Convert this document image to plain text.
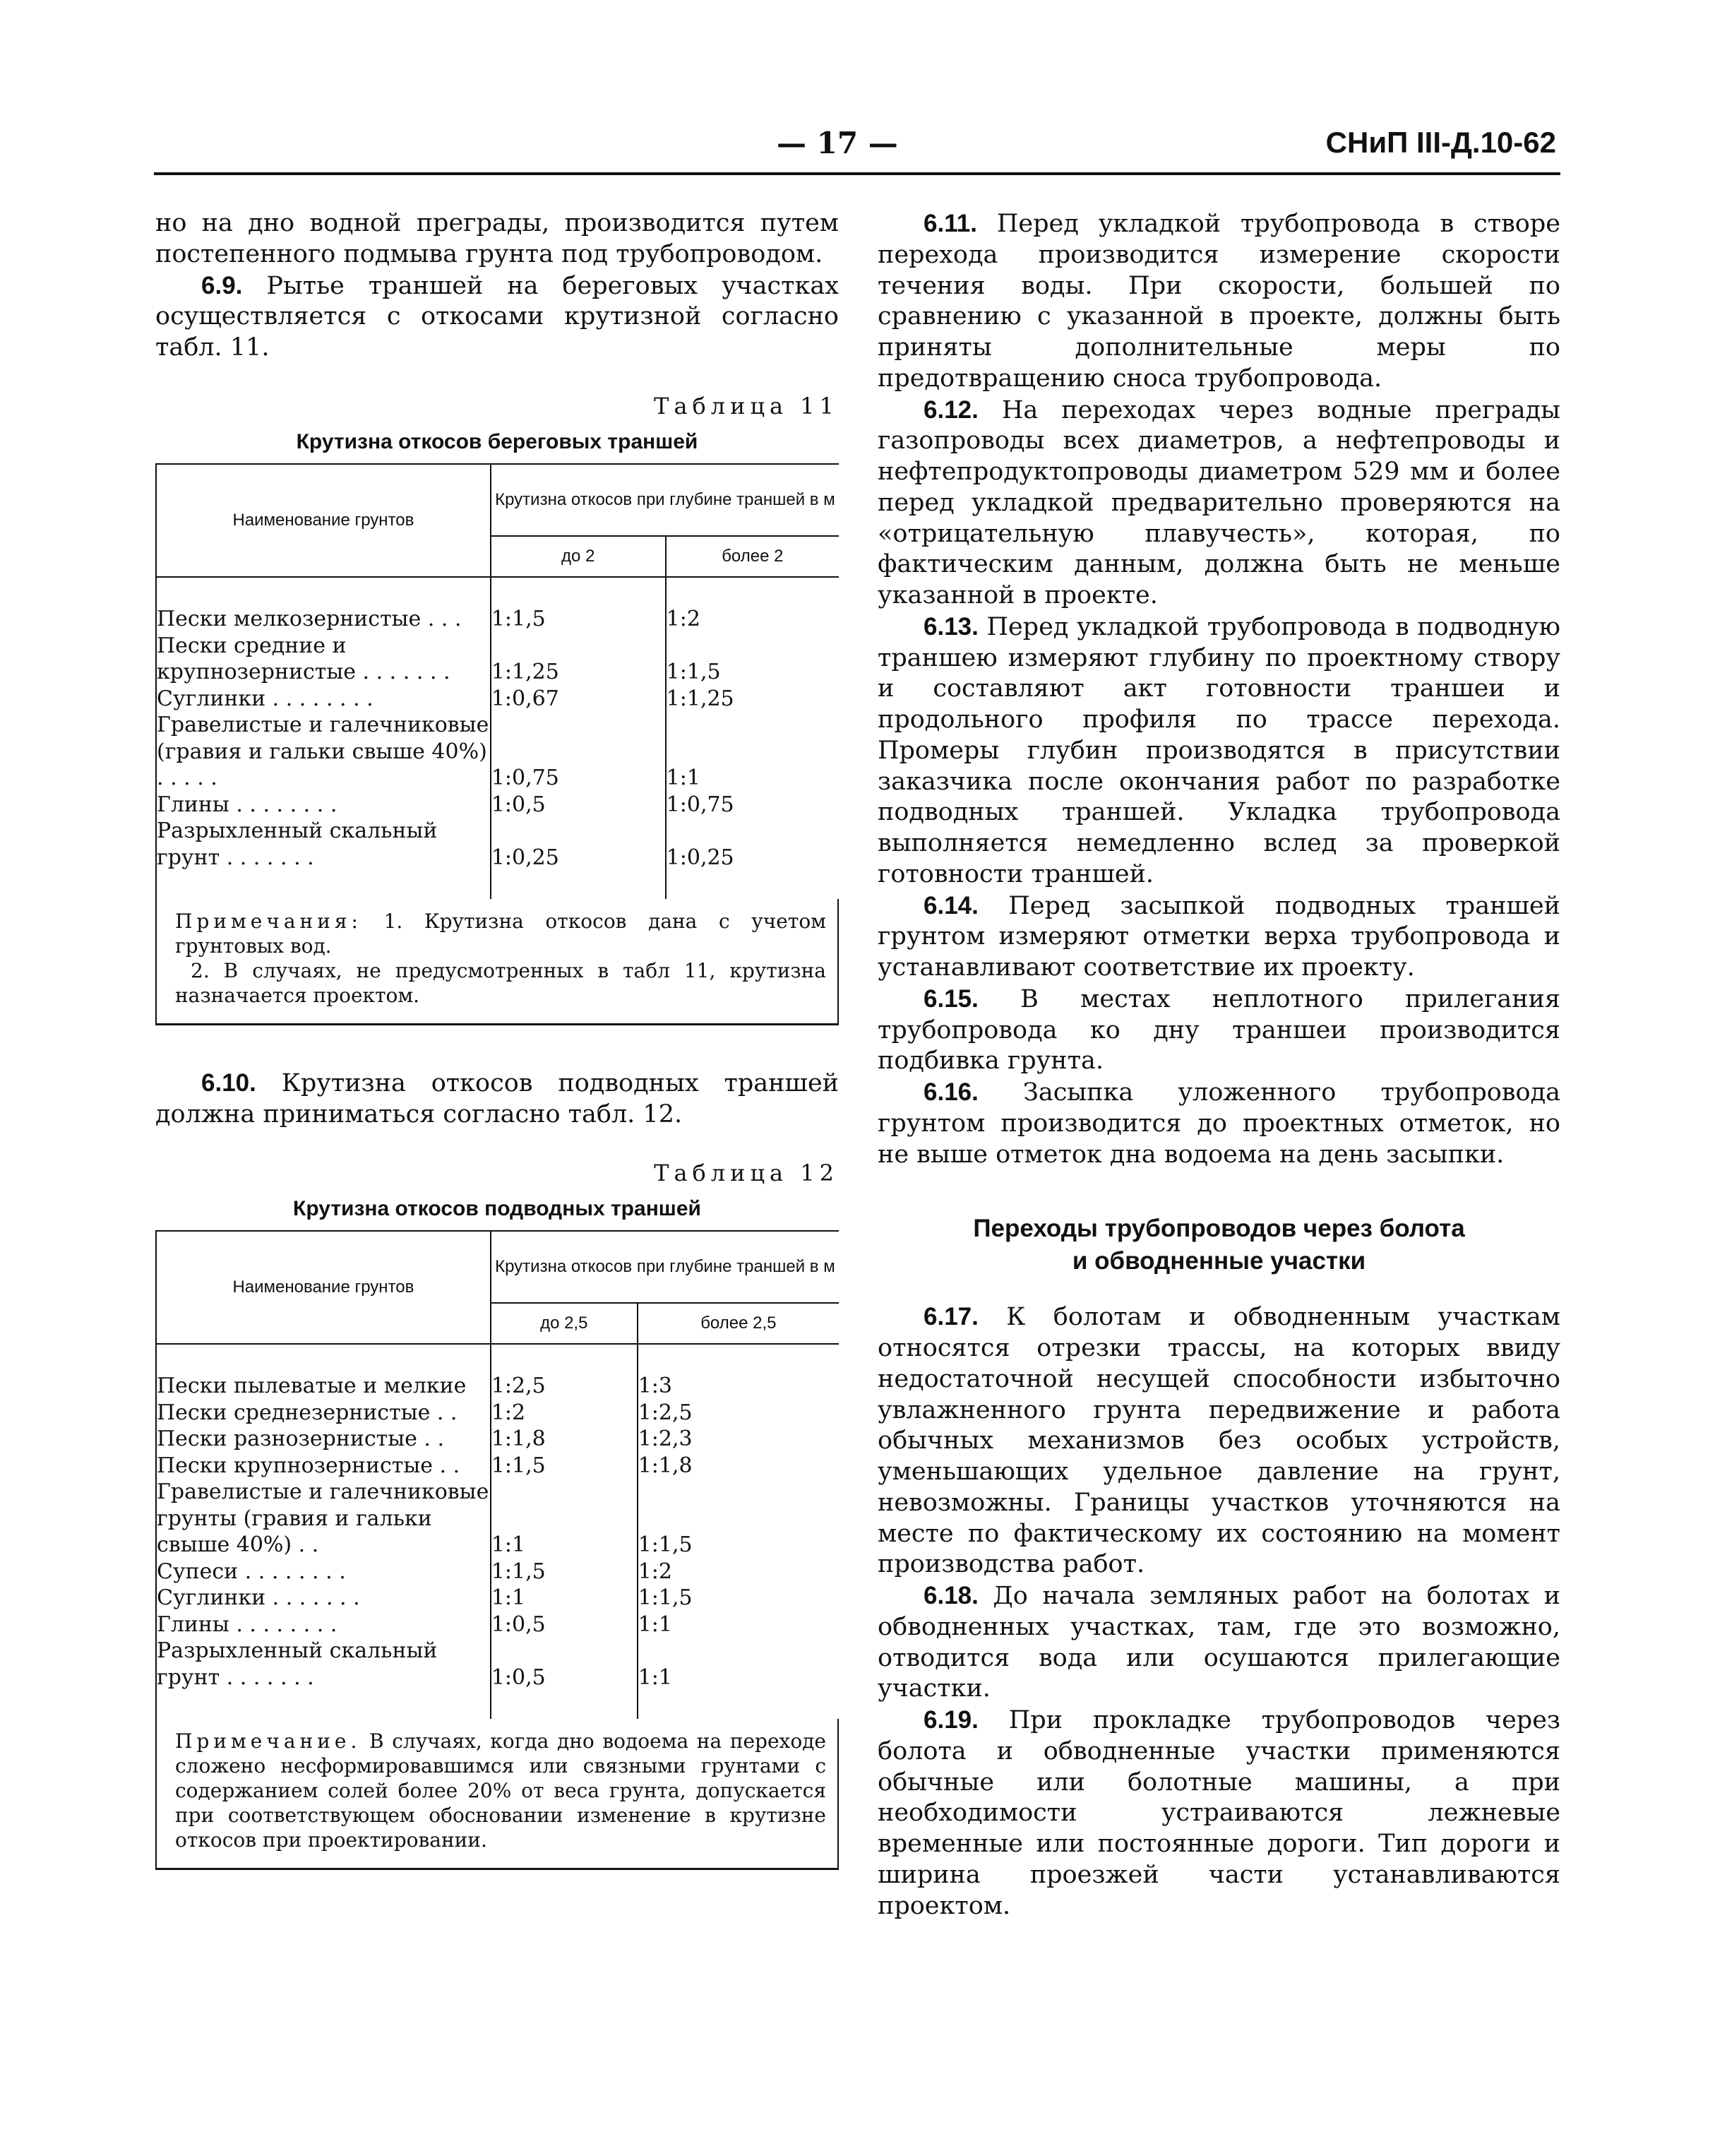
— 17 —	СНиП III-Д.10-62

но на дно водной преграды, производится путем постепенного подмыва грунта под трубопроводом.

6.9. Рытье траншей на береговых участках осуществляется с откосами крутизной согласно табл. 11.

Таблица 11
Крутизна откосов береговых траншей
Наименование грунтов	Крутизна откосов при глубине траншей в м	
	до 2	более 2

Пески мелкозернистые . . .	1:1,5	1:2
Пески средние и крупнозернистые . . . . . . .	1:1,25	1:1,5
Суглинки . . . . . . . .	1:0,67	1:1,25
Гравелистые и галечниковые (гравия и гальки свыше 40%) . . . . .	1:0,75	1:1
Глины . . . . . . . .	1:0,5	1:0,75
Разрыхленный скальный грунт . . . . . . .	1:0,25	1:0,25

Примечания: 1. Крутизна откосов дана с учетом грунтовых вод.
2. В случаях, не предусмотренных в табл 11, крутизна назначается проектом.

6.10. Крутизна откосов подводных траншей должна приниматься согласно табл. 12.

Таблица 12
Крутизна откосов подводных траншей
Наименование грунтов	Крутизна откосов при глубине траншей в м	
	до 2,5	более 2,5

Пески пылеватые и мелкие	1:2,5	1:3
Пески среднезернистые . .	1:2	1:2,5
Пески разнозернистые . .	1:1,8	1:2,3
Пески крупнозернистые . .	1:1,5	1:1,8
Гравелистые и галечниковые грунты (гравия и гальки свыше 40%) . .	1:1	1:1,5
Супеси . . . . . . . .	1:1,5	1:2
Суглинки . . . . . . .	1:1	1:1,5
Глины . . . . . . . .	1:0,5	1:1
Разрыхленный скальный грунт . . . . . . .	1:0,5	1:1

Примечание. В случаях, когда дно водоема на переходе сложено несформировавшимся или связными грунтами с содержанием солей более 20% от веса грунта, допускается при соответствующем обосновании изменение в крутизне откосов при проектировании.

6.11. Перед укладкой трубопровода в створе перехода производится измерение скорости течения воды. При скорости, большей по сравнению с указанной в проекте, должны быть приняты дополнительные меры по предотвращению сноса трубопровода.

6.12. На переходах через водные преграды газопроводы всех диаметров, а нефтепроводы и нефтепродуктопроводы диаметром 529 мм и более перед укладкой предварительно проверяются на «отрицательную плавучесть», которая, по фактическим данным, должна быть не меньше указанной в проекте.

6.13. Перед укладкой трубопровода в подводную траншею измеряют глубину по проектному створу и составляют акт готовности траншеи и продольного профиля по трассе перехода. Промеры глубин производятся в присутствии заказчика после окончания работ по разработке подводных траншей. Укладка трубопровода выполняется немедленно вслед за проверкой готовности траншей.

6.14. Перед засыпкой подводных траншей грунтом измеряют отметки верха трубопровода и устанавливают соответствие их проекту.

6.15. В местах неплотного прилегания трубопровода ко дну траншеи производится подбивка грунта.

6.16. Засыпка уложенного трубопровода грунтом производится до проектных отметок, но не выше отметок дна водоема на день засыпки.

Переходы трубопроводов через болота
и обводненные участки

6.17. К болотам и обводненным участкам относятся отрезки трассы, на которых ввиду недостаточной несущей способности избыточно увлажненного грунта передвижение и работа обычных механизмов без особых устройств, уменьшающих удельное давление на грунт, невозможны. Границы участков уточняются на месте по фактическому их состоянию на момент производства работ.

6.18. До начала земляных работ на болотах и обводненных участках, там, где это возможно, отводится вода или осушаются прилегающие участки.

6.19. При прокладке трубопроводов через болота и обводненные участки применяются обычные или болотные машины, а при необходимости устраиваются лежневые временные или постоянные дороги. Тип дороги и ширина проезжей части устанавливаются проектом.
